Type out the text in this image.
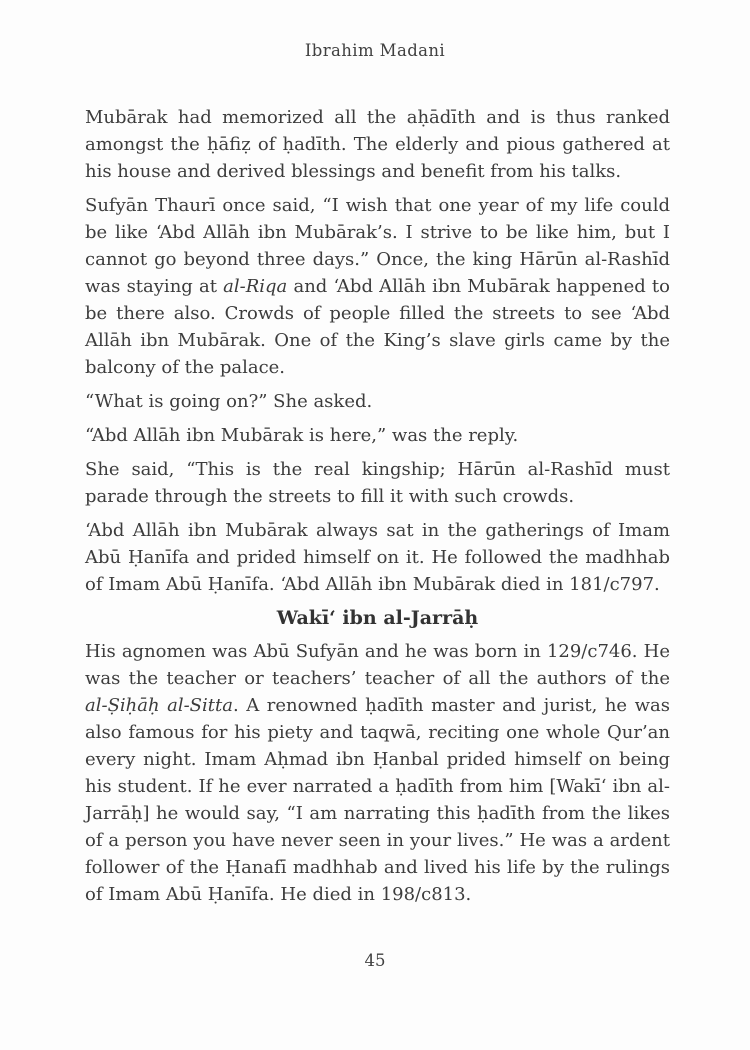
Ibrahim Madani

Mubārak had memorized all the aḥādīth and is thus ranked amongst the ḥāfiẓ of ḥadīth. The elderly and pious gathered at his house and derived blessings and benefit from his talks.

Sufyān Thaurī once said, “I wish that one year of my life could be like ‘Abd Allāh ibn Mubārak’s. I strive to be like him, but I cannot go beyond three days.” Once, the king Hārūn al-Rashīd was staying at al-Riqa and ‘Abd Allāh ibn Mubārak happened to be there also. Crowds of people filled the streets to see ‘Abd Allāh ibn Mubārak. One of the King’s slave girls came by the balcony of the palace.

“What is going on?” She asked.

“Abd Allāh ibn Mubārak is here,” was the reply.

She said, “This is the real kingship; Hārūn al-Rashīd must parade through the streets to fill it with such crowds.

‘Abd Allāh ibn Mubārak always sat in the gatherings of Imam Abū Ḥanīfa and prided himself on it. He followed the madhhab of Imam Abū Ḥanīfa. ‘Abd Allāh ibn Mubārak died in 181/c797.

Wakī‘ ibn al-Jarrāḥ

His agnomen was Abū Sufyān and he was born in 129/c746. He was the teacher or teachers’ teacher of all the authors of the al-Ṣiḥāḥ al-Sitta. A renowned ḥadīth master and jurist, he was also famous for his piety and taqwā, reciting one whole Qur’an every night. Imam Aḥmad ibn Ḥanbal prided himself on being his student. If he ever narrated a ḥadīth from him [Wakī‘ ibn al-Jarrāḥ] he would say, “I am narrating this ḥadīth from the likes of a person you have never seen in your lives.” He was a ardent follower of the Ḥanafī madhhab and lived his life by the rulings of Imam Abū Ḥanīfa. He died in 198/c813.

45
